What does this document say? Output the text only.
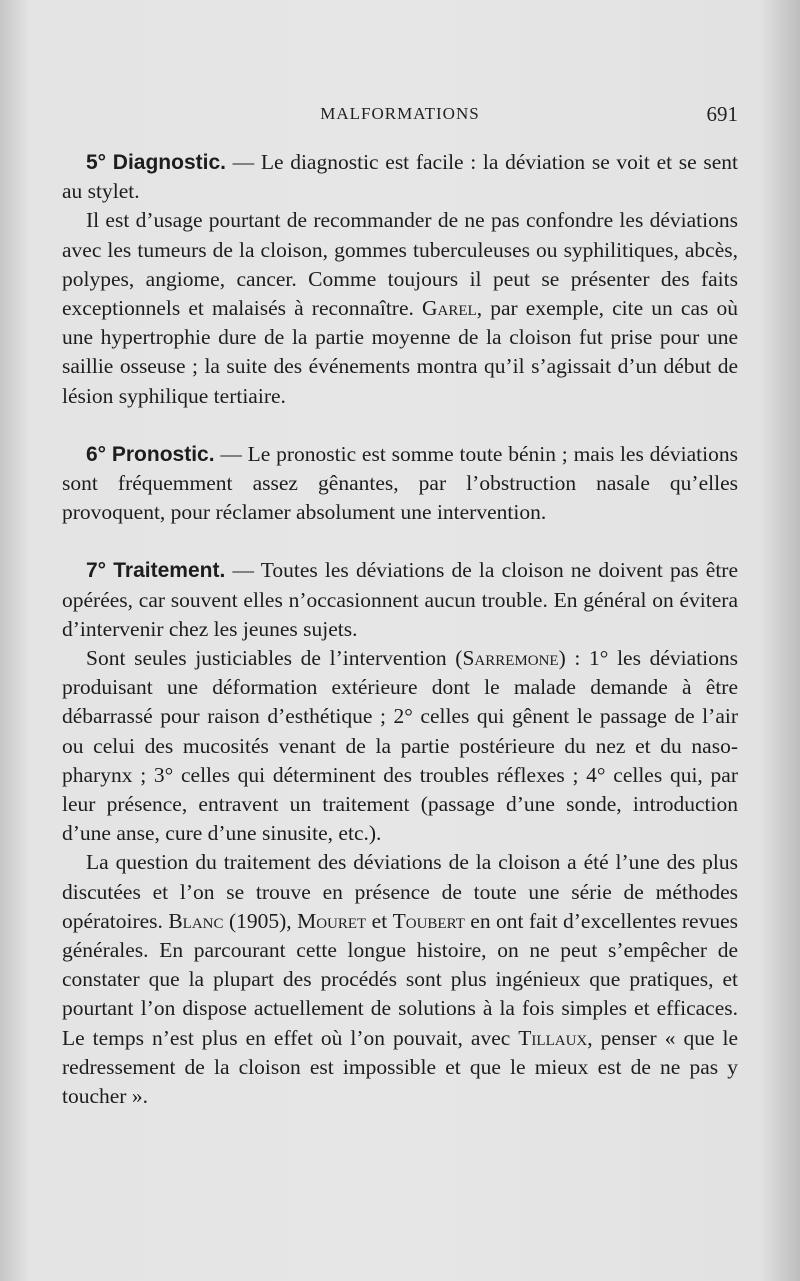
MALFORMATIONS	691

5° Diagnostic. — Le diagnostic est facile : la déviation se voit et se sent au stylet.

Il est d’usage pourtant de recommander de ne pas confondre les déviations avec les tumeurs de la cloison, gommes tuberculeuses ou syphilitiques, abcès, polypes, angiome, cancer. Comme toujours il peut se présenter des faits exceptionnels et malaisés à reconnaître. Garel, par exemple, cite un cas où une hypertrophie dure de la partie moyenne de la cloison fut prise pour une saillie osseuse ; la suite des événements montra qu’il s’agissait d’un début de lésion syphilique tertiaire.

6° Pronostic. — Le pronostic est somme toute bénin ; mais les déviations sont fréquemment assez gênantes, par l’obstruction nasale qu’elles provoquent, pour réclamer absolument une intervention.

7° Traitement. — Toutes les déviations de la cloison ne doivent pas être opérées, car souvent elles n’occasionnent aucun trouble. En général on évitera d’intervenir chez les jeunes sujets.

Sont seules justiciables de l’intervention (Sarremone) : 1° les déviations produisant une déformation extérieure dont le malade demande à être débarrassé pour raison d’esthétique ; 2° celles qui gênent le passage de l’air ou celui des mucosités venant de la partie postérieure du nez et du naso-pharynx ; 3° celles qui déterminent des troubles réflexes ; 4° celles qui, par leur présence, entravent un traitement (passage d’une sonde, introduction d’une anse, cure d’une sinusite, etc.).

La question du traitement des déviations de la cloison a été l’une des plus discutées et l’on se trouve en présence de toute une série de méthodes opératoires. Blanc (1905), Mouret et Toubert en ont fait d’excellentes revues générales. En parcourant cette longue histoire, on ne peut s’empêcher de constater que la plupart des procédés sont plus ingénieux que pratiques, et pourtant l’on dispose actuellement de solutions à la fois simples et efficaces. Le temps n’est plus en effet où l’on pouvait, avec Tillaux, penser « que le redressement de la cloison est impossible et que le mieux est de ne pas y toucher ».
